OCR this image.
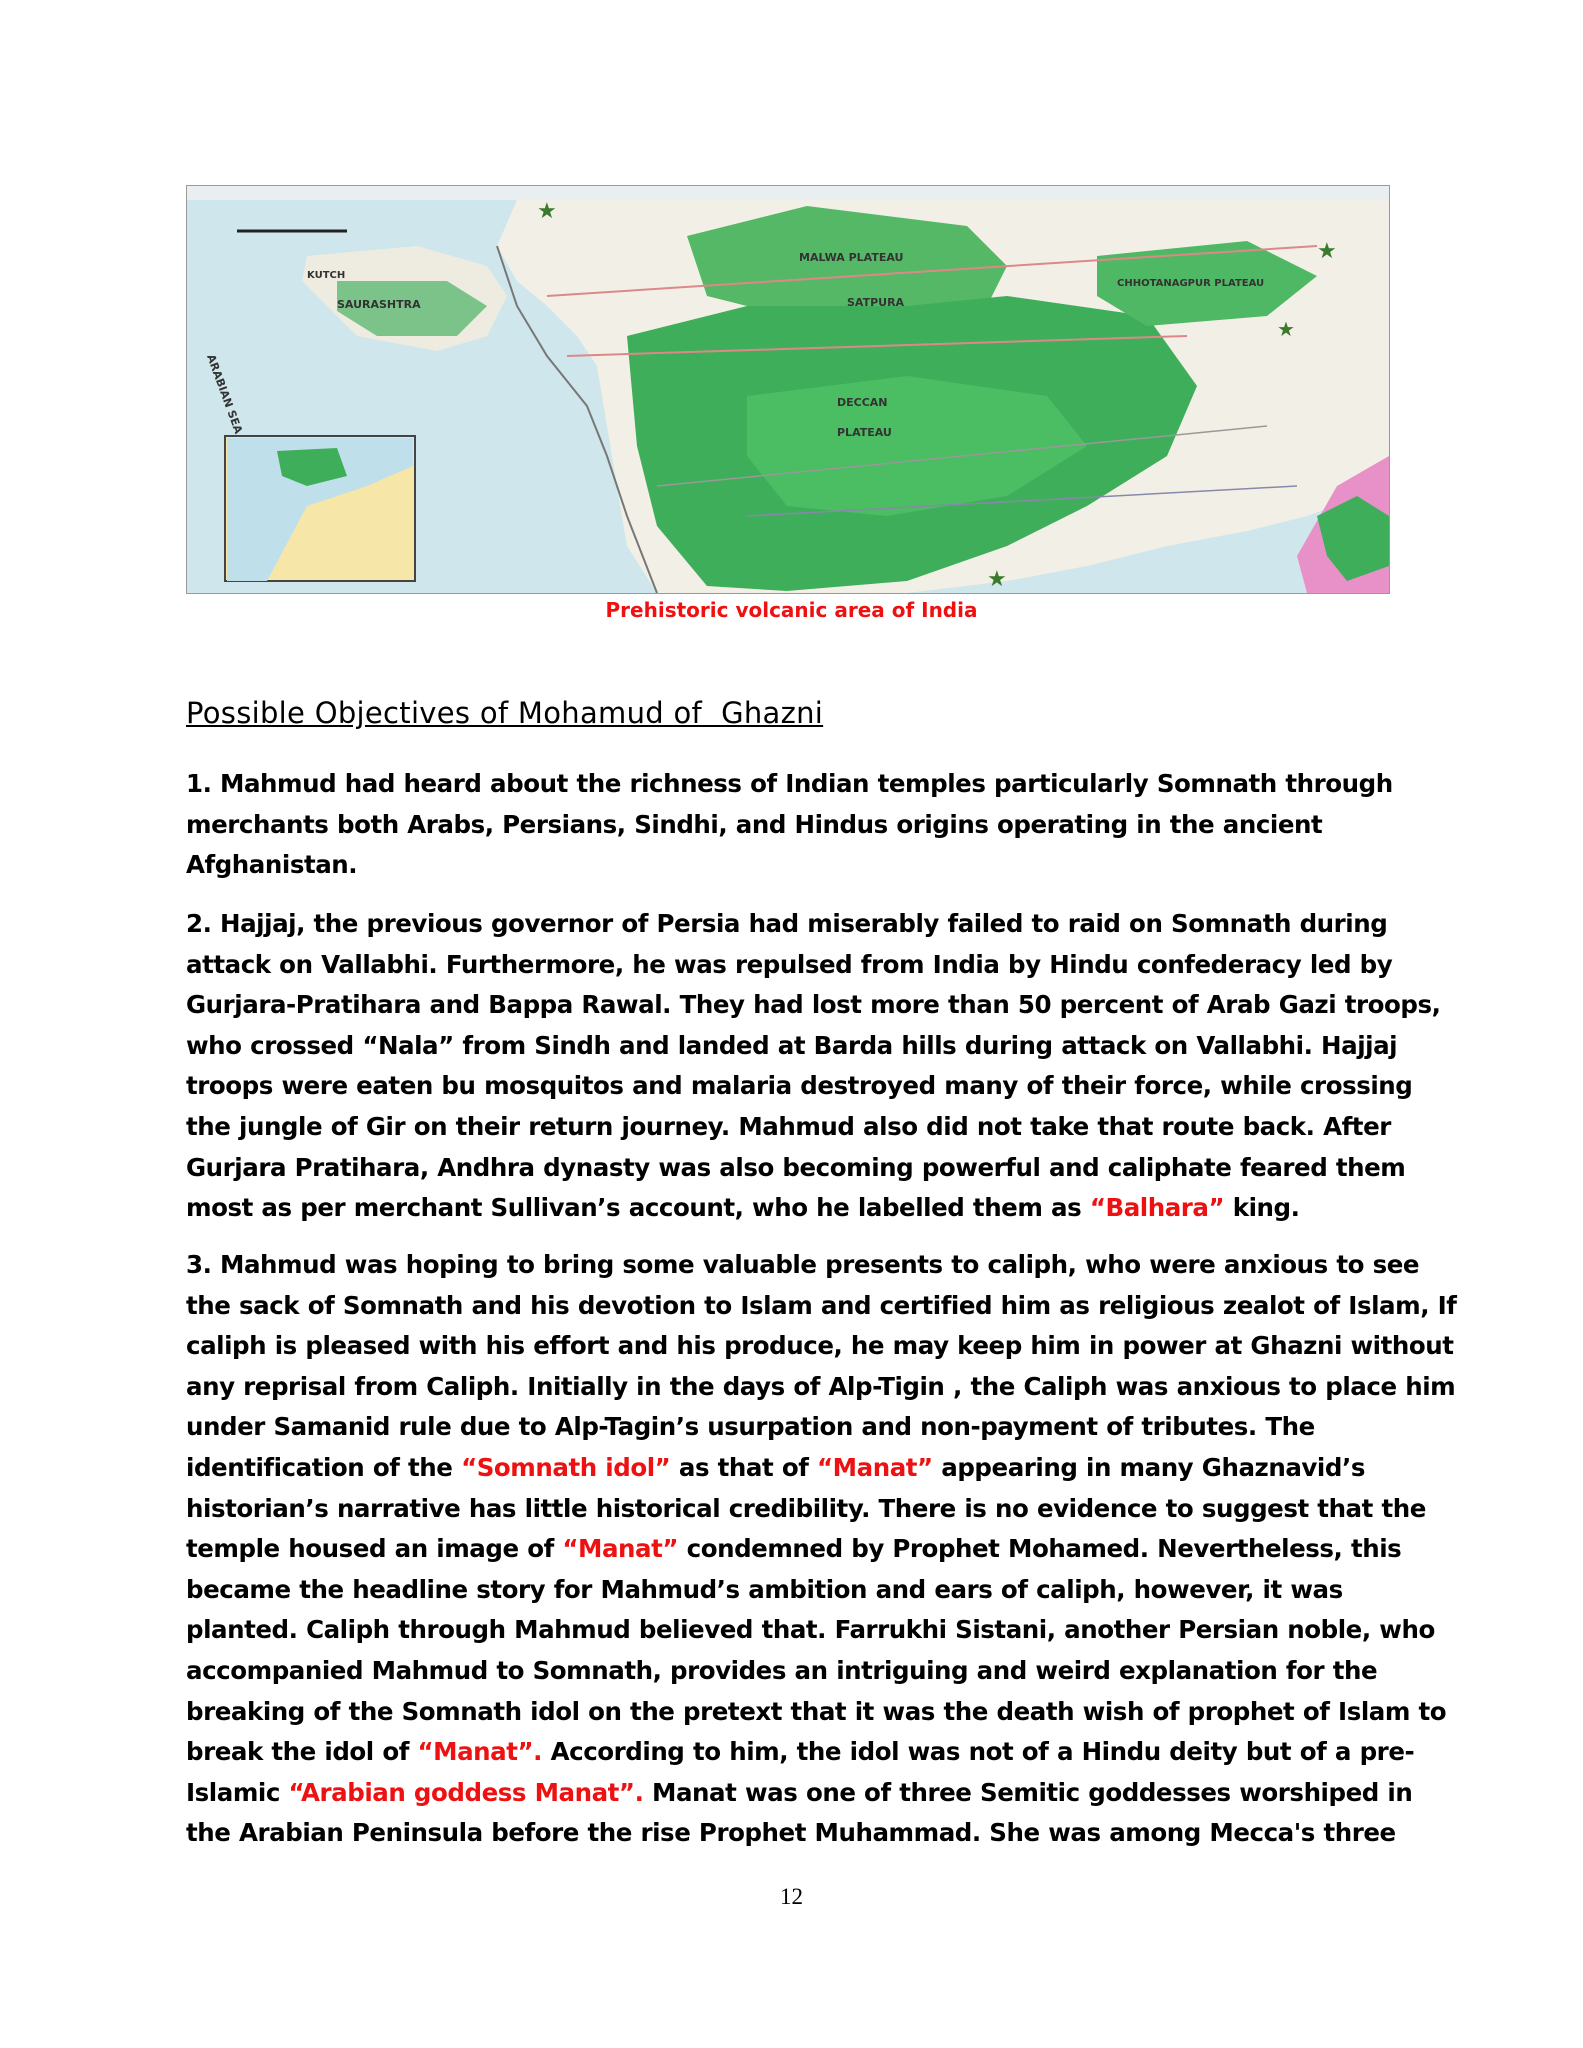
★
★
★
★
MALWA PLATEAU
SAURASHTRA	SATPURA
DECCAN
PLATEAU
CHHOTANAGPUR PLATEAU
KUTCH
ARABIAN SEA
Prehistoric volcanic area of India
Possible Objectives of Mohamud of  Ghazni

1. Mahmud had heard about the richness of Indian temples particularly Somnath through
merchants both Arabs, Persians, Sindhi, and Hindus origins operating in the ancient
Afghanistan.

2. Hajjaj, the previous governor of Persia had miserably failed to raid on Somnath during
attack on Vallabhi. Furthermore, he was repulsed from India by Hindu confederacy led by
Gurjara-Pratihara and Bappa Rawal. They had lost more than 50 percent of Arab Gazi troops,
who crossed “Nala” from Sindh and landed at Barda hills during attack on Vallabhi. Hajjaj
troops were eaten bu mosquitos and malaria destroyed many of their force, while crossing
the jungle of Gir on their return journey. Mahmud also did not take that route back. After
Gurjara Pratihara, Andhra dynasty was also becoming powerful and caliphate feared them
most as per merchant Sullivan’s account, who he labelled them as “Balhara” king.

3. Mahmud was hoping to bring some valuable presents to caliph, who were anxious to see
the sack of Somnath and his devotion to Islam and certified him as religious zealot of Islam, If
caliph is pleased with his effort and his produce, he may keep him in power at Ghazni without
any reprisal from Caliph. Initially in the days of Alp-Tigin , the Caliph was anxious to place him
under Samanid rule due to Alp-Tagin’s usurpation and non-payment of tributes. The
identification of the “Somnath idol” as that of “Manat” appearing in many Ghaznavid’s
historian’s narrative has little historical credibility. There is no evidence to suggest that the
temple housed an image of “Manat” condemned by Prophet Mohamed. Nevertheless, this
became the headline story for Mahmud’s ambition and ears of caliph, however, it was
planted. Caliph through Mahmud believed that. Farrukhi Sistani, another Persian noble, who
accompanied Mahmud to Somnath, provides an intriguing and weird explanation for the
breaking of the Somnath idol on the pretext that it was the death wish of prophet of Islam to
break the idol of “Manat”. According to him, the idol was not of a Hindu deity but of a pre-
Islamic “Arabian goddess Manat”. Manat was one of three Semitic goddesses worshiped in
the Arabian Peninsula before the rise Prophet Muhammad. She was among Mecca's three

12
